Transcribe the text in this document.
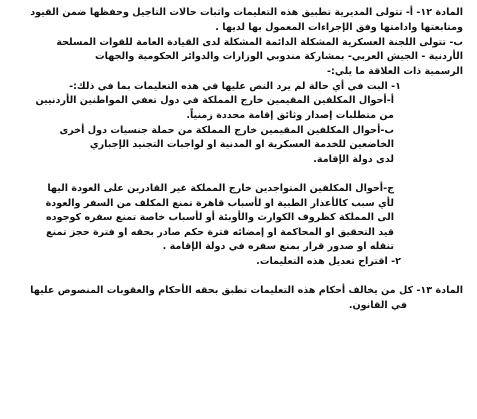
المادة ١٢- أ- تتولى المديرية تطبيق هذه التعليمات واثبات حالات التاجيل وحفظها ضمن القيود
ومتابعتها وادامتها وفق الإجراءات المعمول بها لديها .
ب- تتولى اللجنة العسكرية المشكلة الدائمة المشكلة لدى القيادة العامة للقوات المسلحة
الأردنية - الجيش العربي- بمشاركة مندوبي الوزارات والدوائر الحكومية والجهات
الرسمية ذات العلاقة ما يلي:-
١- البت في أي حالة لم يرد النص عليها في هذه التعليمات بما في ذلك:-
أ-أحوال المكلفين المقيمين خارج المملكة في دول تعفي المواطنين الأردنيين
من متطلبات إصدار وثائق إقامة محددة زمنياً.
ب-أحوال المكلفين المقيمين خارج المملكة من حملة جنسيات دول أخرى
الخاضعين للخدمة العسكرية او المدنية او لواجبات التجنيد الإجباري
لدى دولة الإقامة.
ج-أحوال المكلفين المتواجدين خارج المملكة غير القادرين على العودة اليها
لأي سبب كالأعذار الطبية او لأسباب قاهرة تمنع المكلف من السفر والعودة
الى المملكة كظروف الكوارث والأوبئة أو لأسباب خاصة تمنع سفره كوجوده
قيد التحقيق او المحاكمة او إمضائه فترة حكم صادر بحقه او فترة حجز تمنع
تنقله او صدور قرار بمنع سفره في دولة الإقامة .
٢- اقتراح تعديل هذه التعليمات.
المادة ١٣- كل من يخالف أحكام هذه التعليمات تطبق بحقه الأحكام والعقوبات المنصوص عليها
في القانون.
